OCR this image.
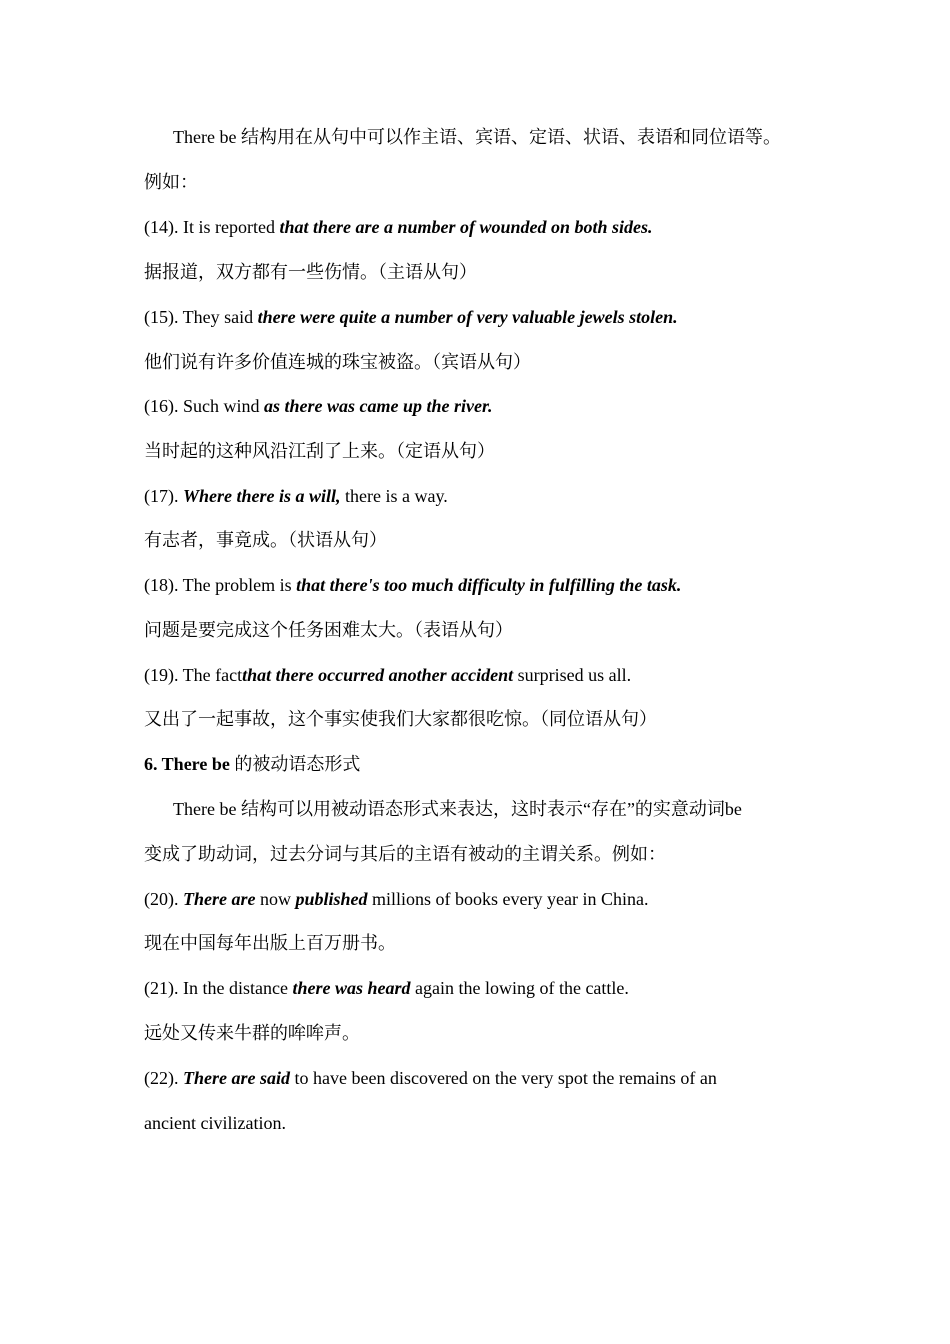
There be 结构用在从句中可以作主语、宾语、定语、状语、表语和同位语等。
例如：
(14). It is reported that there are a number of wounded on both sides.
据报道，双方都有一些伤情。（主语从句）
(15). They said there were quite a number of very valuable jewels stolen.
他们说有许多价值连城的珠宝被盗。（宾语从句）
(16). Such wind as there was came up the river.
当时起的这种风沿江刮了上来。（定语从句）
(17). Where there is a will, there is a way.
有志者，事竟成。（状语从句）
(18). The problem is that there's too much difficulty in fulfilling the task.
问题是要完成这个任务困难太大。（表语从句）
(19). The factthat there occurred another accident surprised us all.
又出了一起事故，这个事实使我们大家都很吃惊。（同位语从句）
6. There be 的被动语态形式
There be 结构可以用被动语态形式来表达，这时表示“存在”的实意动词be
变成了助动词，过去分词与其后的主语有被动的主谓关系。例如：
(20). There are now published millions of books every year in China.
现在中国每年出版上百万册书。
(21). In the distance there was heard again the lowing of the cattle.
远处又传来牛群的哞哞声。
(22). There are said to have been discovered on the very spot the remains of an
ancient civilization.
